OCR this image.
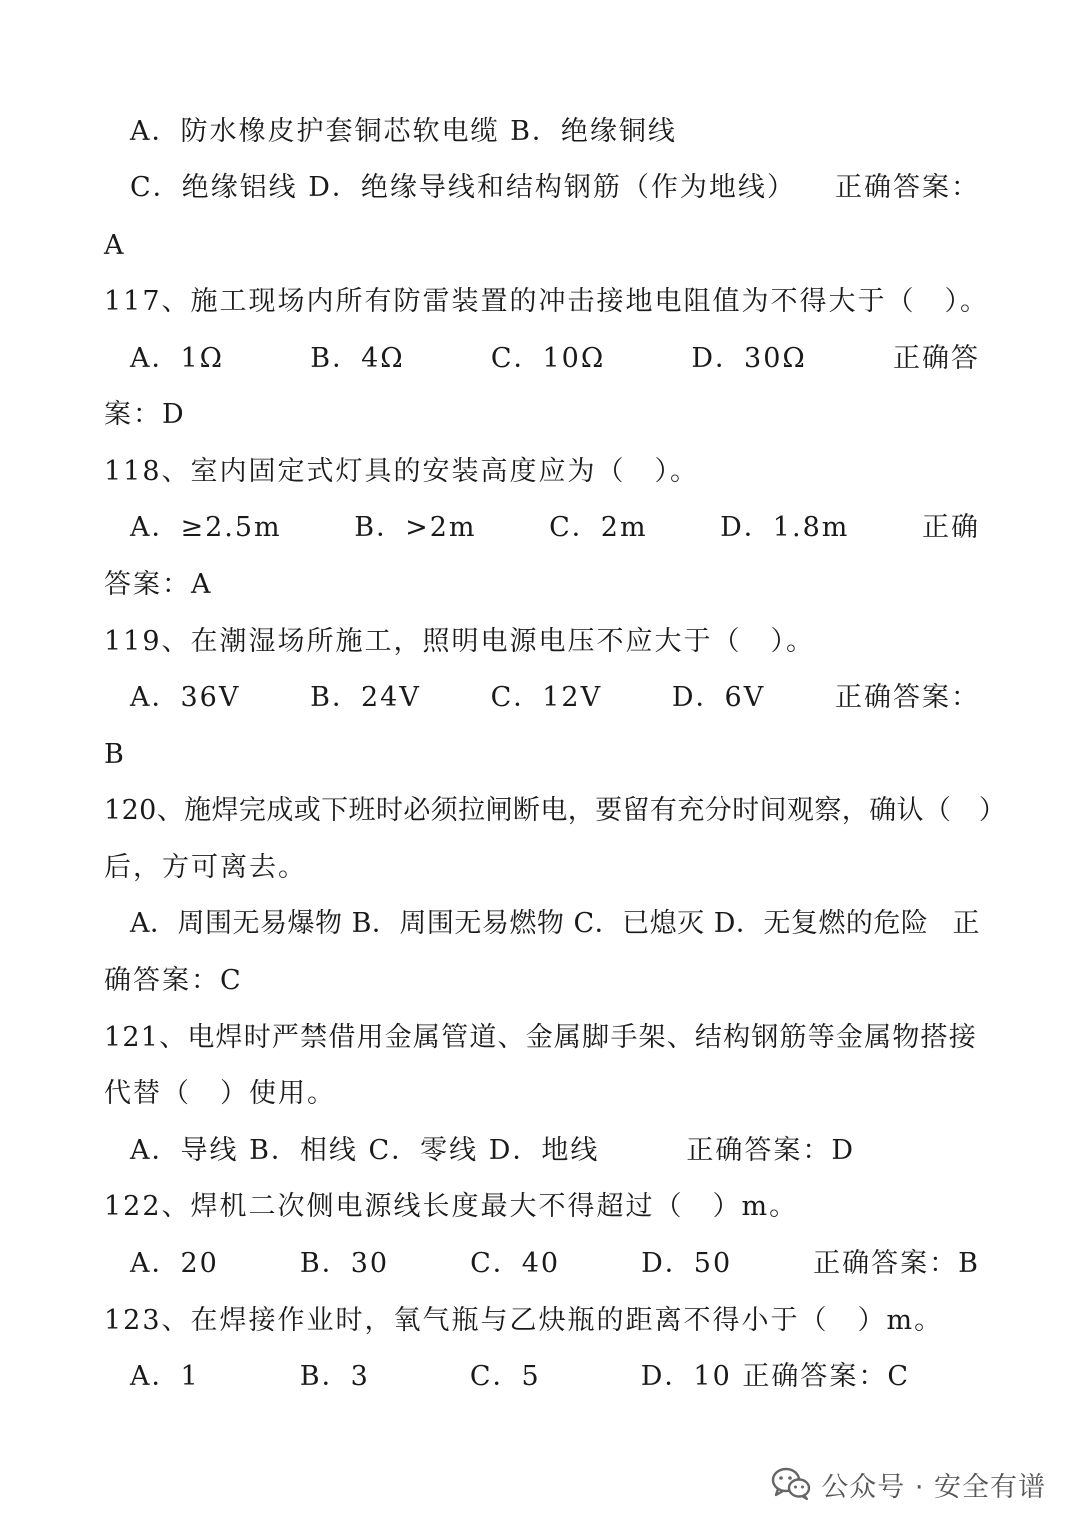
A．防水橡皮护套铜芯软电缆 B．绝缘铜线
C．绝缘铝线 D．绝缘导线和结构钢筋（作为地线） 正确答案：
A
117、施工现场内所有防雷装置的冲击接地电阻值为不得大于（　）。
A．1Ω	B．4Ω	C．10Ω	D．30Ω	正确答
案：D
118、室内固定式灯具的安装高度应为（　）。
A．≥2.5m	B．>2m	C．2m	D．1.8m	正确
答案：A
119、在潮湿场所施工，照明电源电压不应大于（　）。
A．36V	B．24V	C．12V	D．6V	正确答案：
B
120、施焊完成或下班时必须拉闸断电，要留有充分时间观察，确认（　）
后，方可离去。
A．周围无易爆物 B．周围无易燃物 C．已熄灭 D．无复燃的危险 正
确答案：C
121、电焊时严禁借用金属管道、金属脚手架、结构钢筋等金属物搭接
代替（　）使用。
A．导线 B．相线 C．零线 D．地线　　　正确答案：D
122、焊机二次侧电源线长度最大不得超过（　）m。
A．20	B．30	C．40	D．50	正确答案：B
123、在焊接作业时，氧气瓶与乙炔瓶的距离不得小于（　）m。
A．1	B．3	C．5	D．10 正确答案：C
公众号 · 安全有谱
